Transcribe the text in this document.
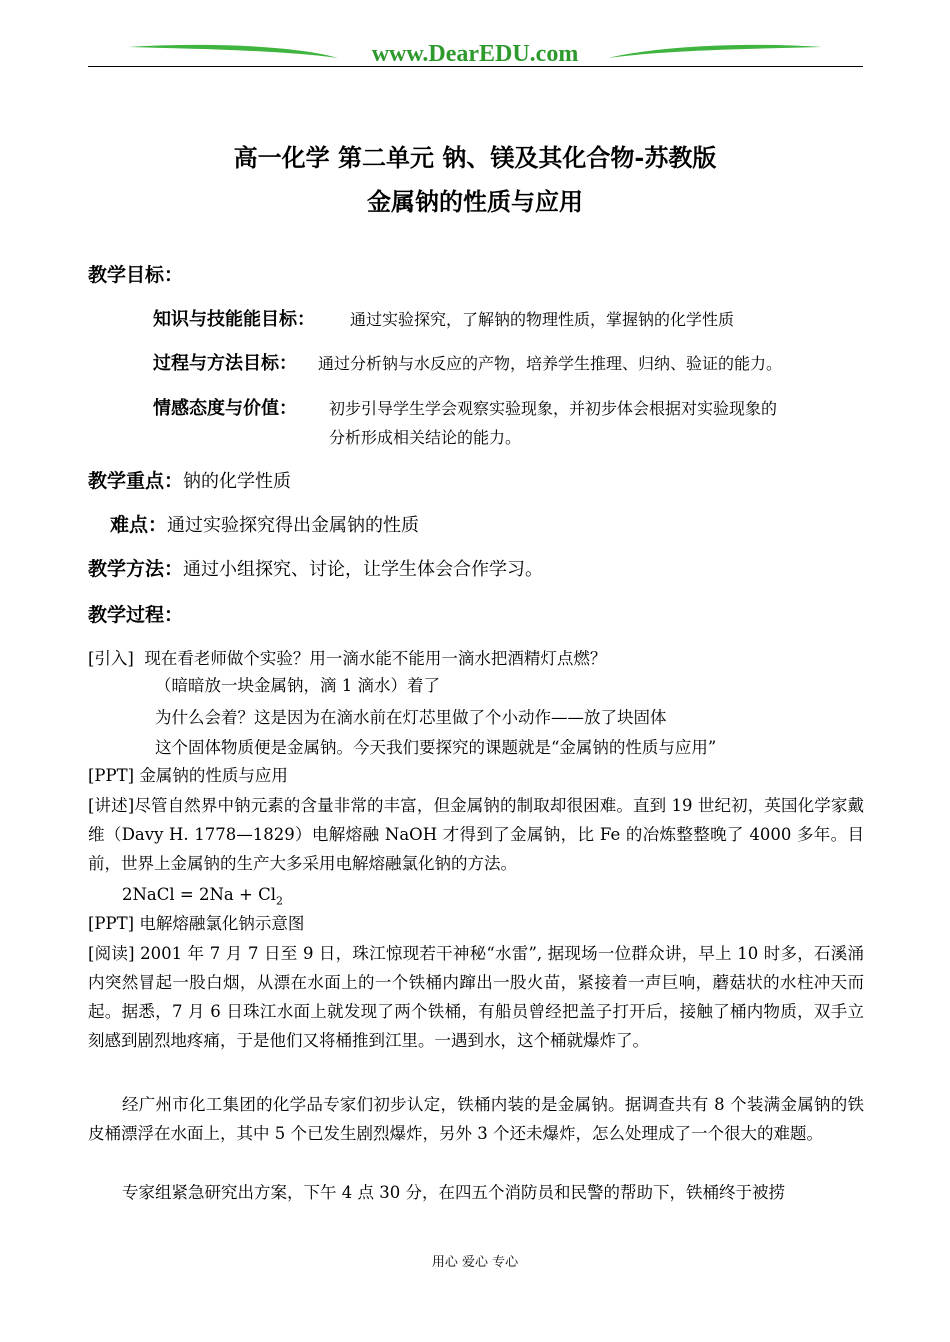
www.DearEDU.com
高一化学 第二单元 钠、镁及其化合物-苏教版
金属钠的性质与应用
教学目标：
知识与技能能目标： 通过实验探究，了解钠的物理性质，掌握钠的化学性质
过程与方法目标： 通过分析钠与水反应的产物，培养学生推理、归纳、验证的能力。
情感态度与价值： 初步引导学生学会观察实验现象，并初步体会根据对实验现象的
分析形成相关结论的能力。
教学重点：钠的化学性质
难点：通过实验探究得出金属钠的性质
教学方法：通过小组探究、讨论，让学生体会合作学习。
教学过程：
[引入] 现在看老师做个实验？用一滴水能不能用一滴水把酒精灯点燃？
（暗暗放一块金属钠，滴 1 滴水）着了
为什么会着？这是因为在滴水前在灯芯里做了个小动作——放了块固体
这个固体物质便是金属钠。今天我们要探究的课题就是“金属钠的性质与应用”
[PPT] 金属钠的性质与应用
[讲述]尽管自然界中钠元素的含量非常的丰富，但金属钠的制取却很困难。直到 19 世纪初，英国化学家戴维（Davy H. 1778—1829）电解熔融 NaOH 才得到了金属钠，比 Fe 的冶炼整整晚了 4000 多年。目前，世界上金属钠的生产大多采用电解熔融氯化钠的方法。
2NaCl = $2Na + Cl_2$
[PPT] 电解熔融氯化钠示意图
[阅读] 2001 年 7 月 7 日至 9 日，珠江惊现若干神秘“水雷”, 据现场一位群众讲，早上 10 时多，石溪涌内突然冒起一股白烟，从漂在水面上的一个铁桶内蹿出一股火苗，紧接着一声巨响，蘑菇状的水柱冲天而起。据悉，7 月 6 日珠江水面上就发现了两个铁桶，有船员曾经把盖子打开后，接触了桶内物质，双手立刻感到剧烈地疼痛，于是他们又将桶推到江里。一遇到水，这个桶就爆炸了。
经广州市化工集团的化学品专家们初步认定，铁桶内装的是金属钠。据调查共有 8 个装满金属钠的铁皮桶漂浮在水面上，其中 5 个已发生剧烈爆炸，另外 3 个还未爆炸，怎么处理成了一个很大的难题。
专家组紧急研究出方案，下午 4 点 30 分，在四五个消防员和民警的帮助下，铁桶终于被捞
用心 爱心 专心
